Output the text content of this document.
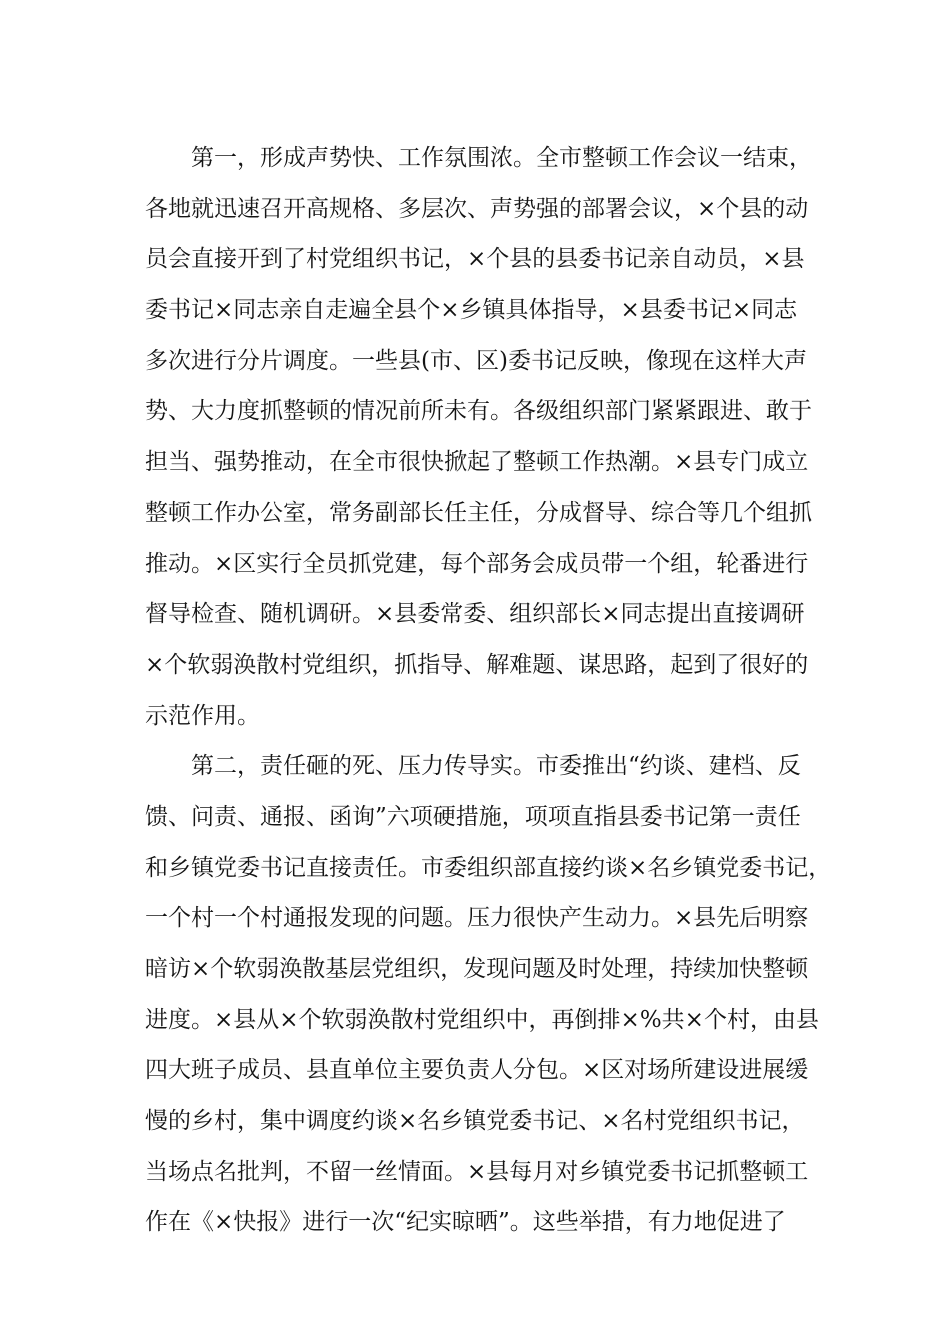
第一，形成声势快、工作氛围浓。全市整顿工作会议一结束，
各地就迅速召开高规格、多层次、声势强的部署会议，×个县的动
员会直接开到了村党组织书记，×个县的县委书记亲自动员，×县
委书记×同志亲自走遍全县个×乡镇具体指导，×县委书记×同志
多次进行分片调度。一些县(市、区)委书记反映，像现在这样大声
势、大力度抓整顿的情况前所未有。各级组织部门紧紧跟进、敢于
担当、强势推动，在全市很快掀起了整顿工作热潮。×县专门成立
整顿工作办公室，常务副部长任主任，分成督导、综合等几个组抓
推动。×区实行全员抓党建，每个部务会成员带一个组，轮番进行
督导检查、随机调研。×县委常委、组织部长×同志提出直接调研
×个软弱涣散村党组织，抓指导、解难题、谋思路，起到了很好的
示范作用。
第二，责任砸的死、压力传导实。市委推出“约谈、建档、反
馈、问责、通报、函询”六项硬措施，项项直指县委书记第一责任
和乡镇党委书记直接责任。市委组织部直接约谈×名乡镇党委书记，
一个村一个村通报发现的问题。压力很快产生动力。×县先后明察
暗访×个软弱涣散基层党组织，发现问题及时处理，持续加快整顿
进度。×县从×个软弱涣散村党组织中，再倒排×%共×个村，由县
四大班子成员、县直单位主要负责人分包。×区对场所建设进展缓
慢的乡村，集中调度约谈×名乡镇党委书记、×名村党组织书记，
当场点名批判，不留一丝情面。×县每月对乡镇党委书记抓整顿工
作在《×快报》进行一次“纪实晾晒”。这些举措，有力地促进了
